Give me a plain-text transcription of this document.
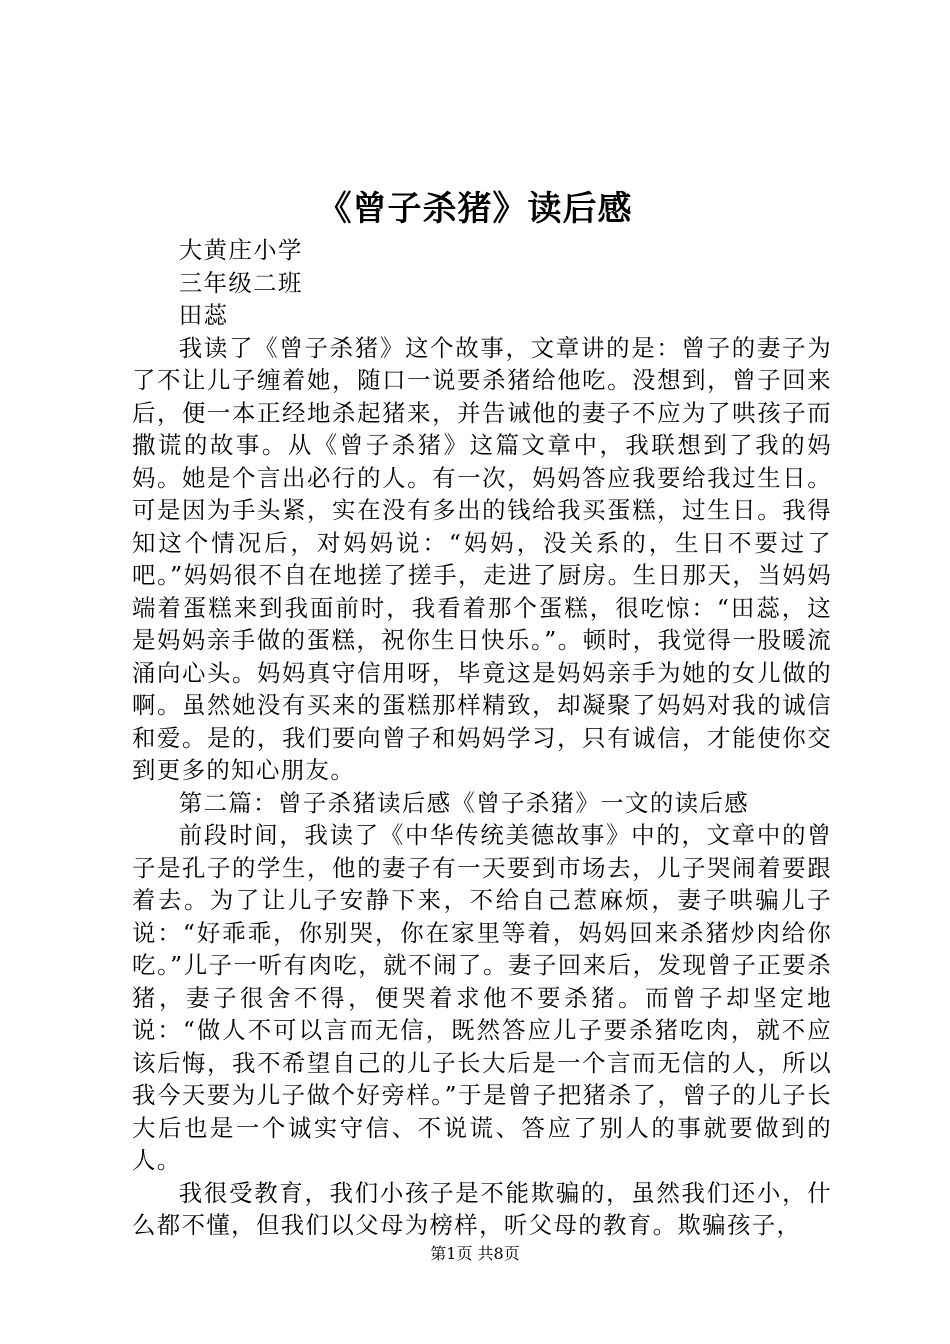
《曾子杀猪》读后感

大黄庄小学

三年级二班

田蕊

我读了《曾子杀猪》这个故事，文章讲的是：曾子的妻子为了不让儿子缠着她，随口一说要杀猪给他吃。没想到，曾子回来后，便一本正经地杀起猪来，并告诫他的妻子不应为了哄孩子而撒谎的故事。从《曾子杀猪》这篇文章中，我联想到了我的妈妈。她是个言出必行的人。有一次，妈妈答应我要给我过生日。可是因为手头紧，实在没有多出的钱给我买蛋糕，过生日。我得知这个情况后，对妈妈说：“妈妈，没关系的，生日不要过了吧。”妈妈很不自在地搓了搓手，走进了厨房。生日那天，当妈妈端着蛋糕来到我面前时，我看着那个蛋糕，很吃惊：“田蕊，这是妈妈亲手做的蛋糕，祝你生日快乐。”。顿时，我觉得一股暖流涌向心头。妈妈真守信用呀，毕竟这是妈妈亲手为她的女儿做的啊。虽然她没有买来的蛋糕那样精致，却凝聚了妈妈对我的诚信和爱。是的，我们要向曾子和妈妈学习，只有诚信，才能使你交到更多的知心朋友。

第二篇：曾子杀猪读后感《曾子杀猪》一文的读后感

前段时间，我读了《中华传统美德故事》中的，文章中的曾子是孔子的学生，他的妻子有一天要到市场去，儿子哭闹着要跟着去。为了让儿子安静下来，不给自己惹麻烦，妻子哄骗儿子说：“好乖乖，你别哭，你在家里等着，妈妈回来杀猪炒肉给你吃。”儿子一听有肉吃，就不闹了。妻子回来后，发现曾子正要杀猪，妻子很舍不得，便哭着求他不要杀猪。而曾子却坚定地说：“做人不可以言而无信，既然答应儿子要杀猪吃肉，就不应该后悔，我不希望自己的儿子长大后是一个言而无信的人，所以我今天要为儿子做个好旁样。”于是曾子把猪杀了，曾子的儿子长大后也是一个诚实守信、不说谎、答应了别人的事就要做到的人。

我很受教育，我们小孩子是不能欺骗的，虽然我们还小，什么都不懂，但我们以父母为榜样，听父母的教育。欺骗孩子，

第1页 共8页
